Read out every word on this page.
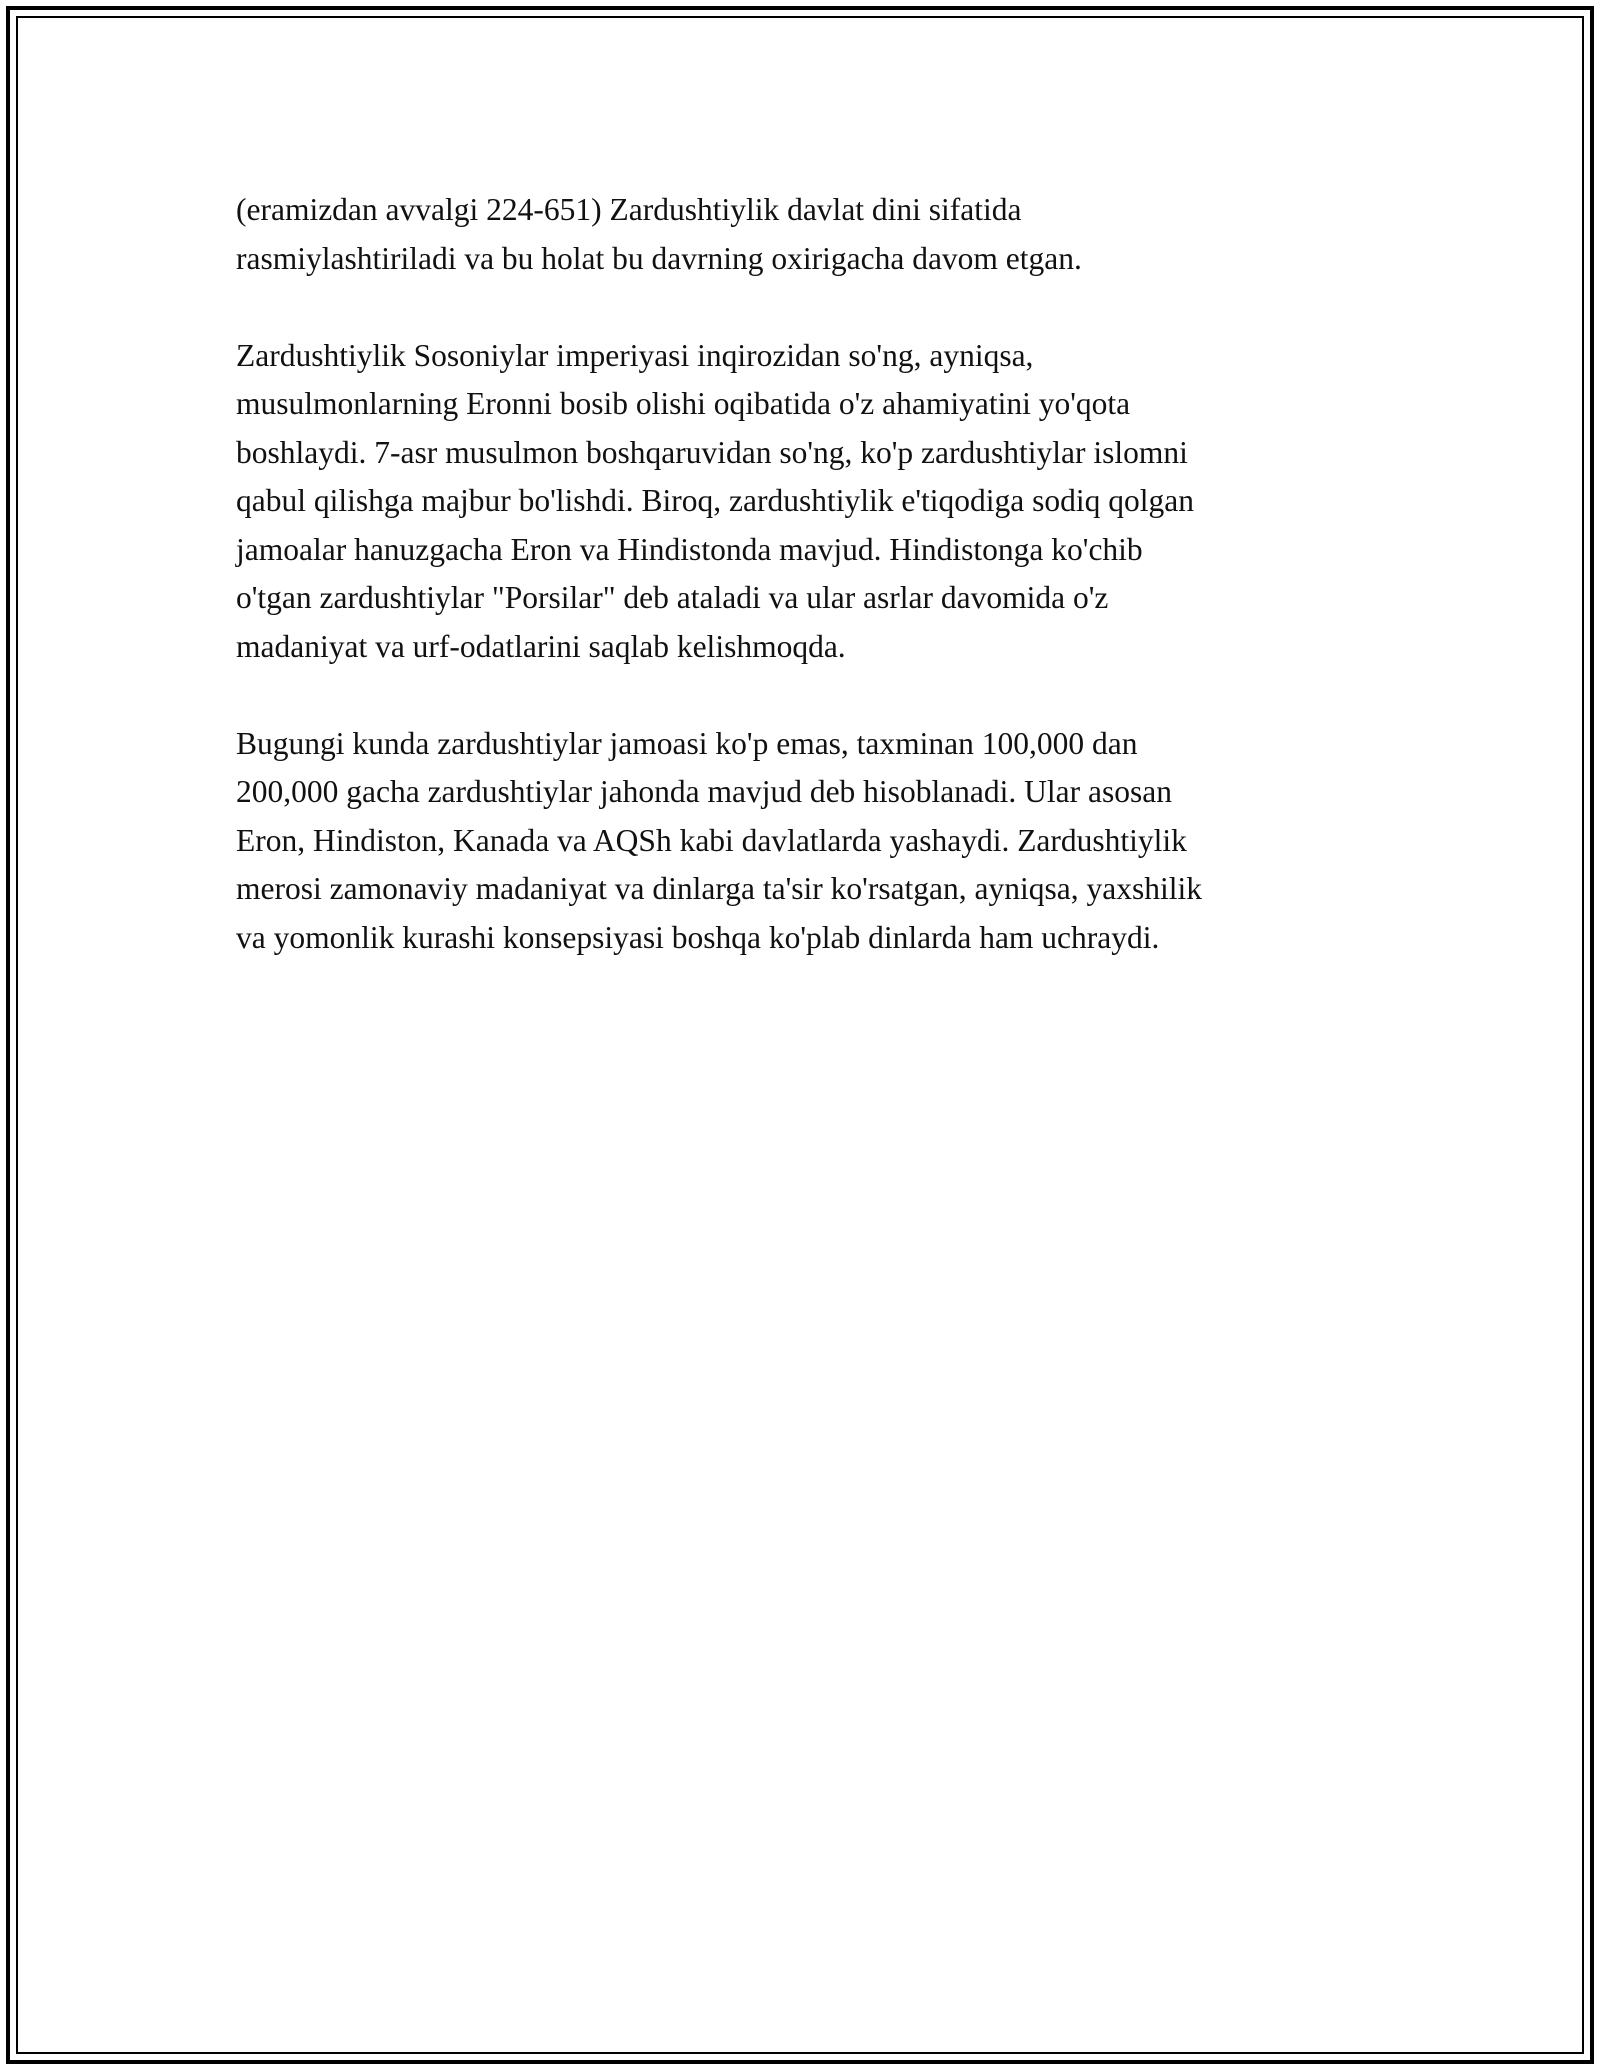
(eramizdan avvalgi 224-651) Zardushtiylik davlat dini sifatida
rasmiylashtiriladi va bu holat bu davrning oxirigacha davom etgan.
Zardushtiylik Sosoniylar imperiyasi inqirozidan so'ng, ayniqsa,
musulmonlarning Eronni bosib olishi oqibatida o'z ahamiyatini yo'qota
boshlaydi. 7-asr musulmon boshqaruvidan so'ng, ko'p zardushtiylar islomni
qabul qilishga majbur bo'lishdi. Biroq, zardushtiylik e'tiqodiga sodiq qolgan
jamoalar hanuzgacha Eron va Hindistonda mavjud. Hindistonga ko'chib
o'tgan zardushtiylar "Porsilar" deb ataladi va ular asrlar davomida o'z
madaniyat va urf-odatlarini saqlab kelishmoqda.
Bugungi kunda zardushtiylar jamoasi ko'p emas, taxminan 100,000 dan
200,000 gacha zardushtiylar jahonda mavjud deb hisoblanadi. Ular asosan
Eron, Hindiston, Kanada va AQSh kabi davlatlarda yashaydi. Zardushtiylik
merosi zamonaviy madaniyat va dinlarga ta'sir ko'rsatgan, ayniqsa, yaxshilik
va yomonlik kurashi konsepsiyasi boshqa ko'plab dinlarda ham uchraydi.
